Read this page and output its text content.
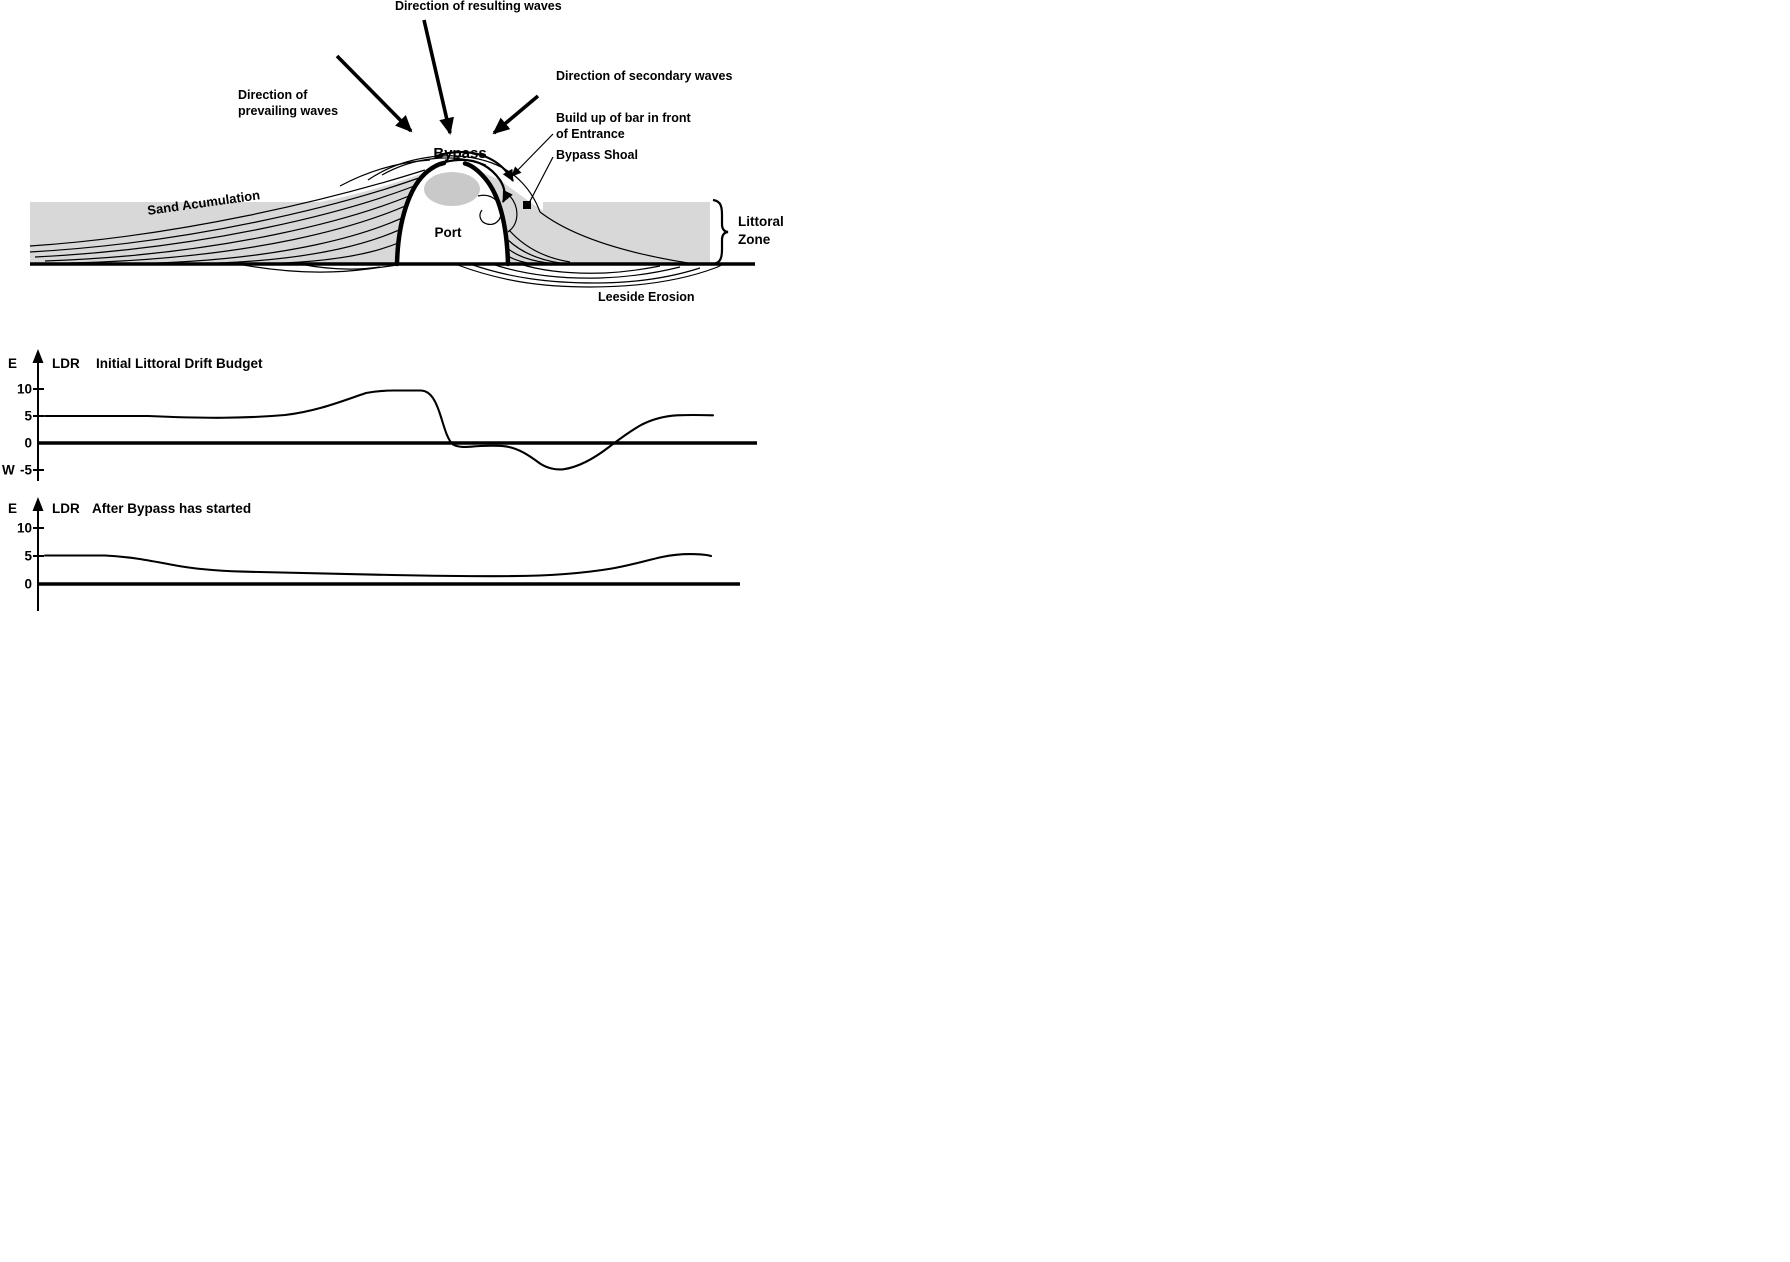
Direction of resulting waves
Direction of
prevailing waves
Direction of secondary waves
Build up of bar in front
of Entrance
Bypass Shoal
Bypass
Port
Sand Acumulation
Littoral
Zone
Leeside Erosion
E	LDR Initial Littoral Drift Budget
10
5
0
W -5
E	LDR After Bypass has started
10
5
0
